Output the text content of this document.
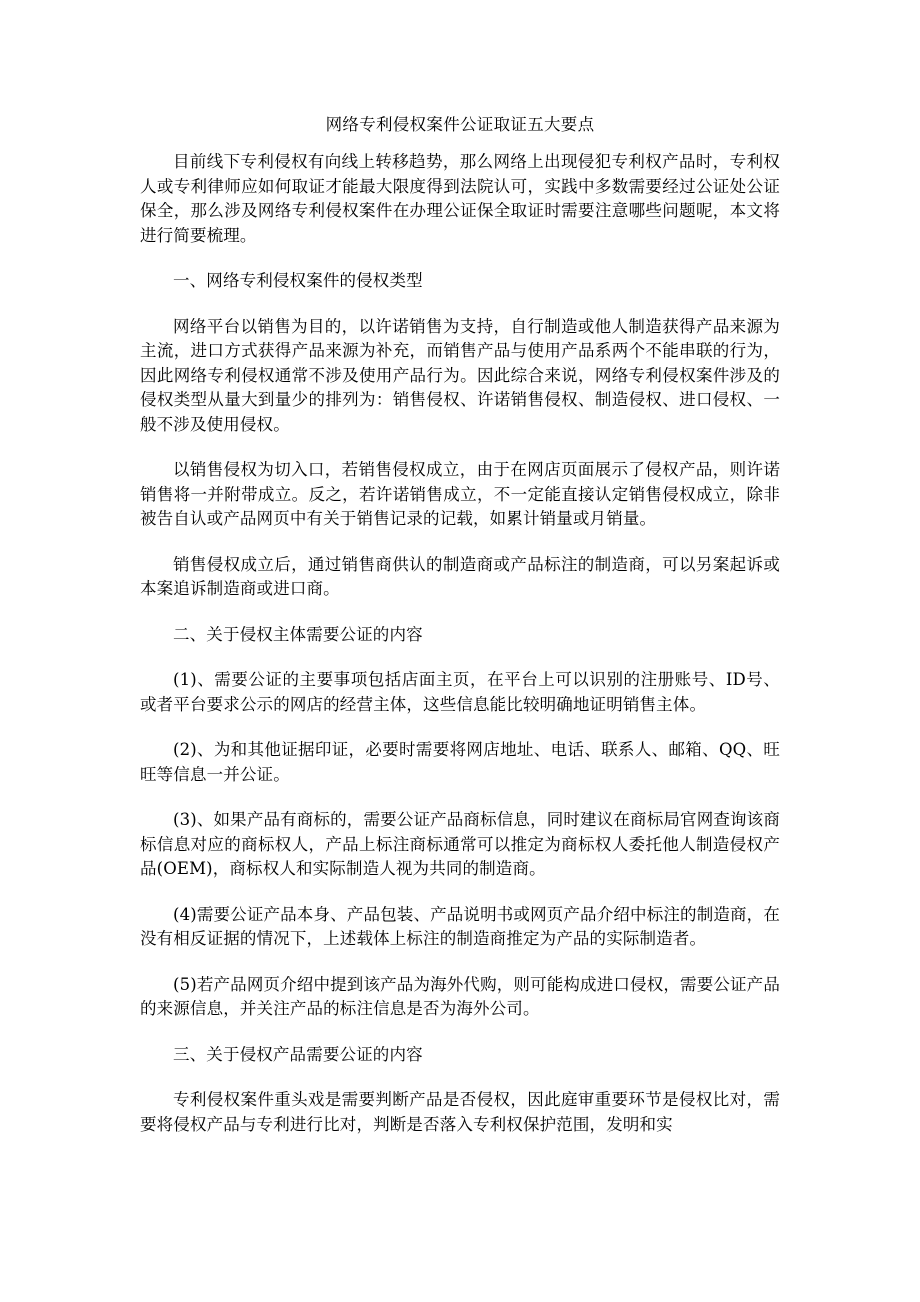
网络专利侵权案件公证取证五大要点

目前线下专利侵权有向线上转移趋势，那么网络上出现侵犯专利权产品时，专利权人或专利律师应如何取证才能最大限度得到法院认可，实践中多数需要经过公证处公证保全，那么涉及网络专利侵权案件在办理公证保全取证时需要注意哪些问题呢，本文将进行简要梳理。

一、网络专利侵权案件的侵权类型

网络平台以销售为目的，以许诺销售为支持，自行制造或他人制造获得产品来源为主流，进口方式获得产品来源为补充，而销售产品与使用产品系两个不能串联的行为，因此网络专利侵权通常不涉及使用产品行为。因此综合来说，网络专利侵权案件涉及的侵权类型从量大到量少的排列为：销售侵权、许诺销售侵权、制造侵权、进口侵权、一般不涉及使用侵权。

以销售侵权为切入口，若销售侵权成立，由于在网店页面展示了侵权产品，则许诺销售将一并附带成立。反之，若许诺销售成立，不一定能直接认定销售侵权成立，除非被告自认或产品网页中有关于销售记录的记载，如累计销量或月销量。

销售侵权成立后，通过销售商供认的制造商或产品标注的制造商，可以另案起诉或本案追诉制造商或进口商。

二、关于侵权主体需要公证的内容

(1)、需要公证的主要事项包括店面主页，在平台上可以识别的注册账号、ID号、或者平台要求公示的网店的经营主体，这些信息能比较明确地证明销售主体。

(2)、为和其他证据印证，必要时需要将网店地址、电话、联系人、邮箱、QQ、旺旺等信息一并公证。

(3)、如果产品有商标的，需要公证产品商标信息，同时建议在商标局官网查询该商标信息对应的商标权人，产品上标注商标通常可以推定为商标权人委托他人制造侵权产品(OEM)，商标权人和实际制造人视为共同的制造商。

(4)需要公证产品本身、产品包装、产品说明书或网页产品介绍中标注的制造商，在没有相反证据的情况下，上述载体上标注的制造商推定为产品的实际制造者。

(5)若产品网页介绍中提到该产品为海外代购，则可能构成进口侵权，需要公证产品的来源信息，并关注产品的标注信息是否为海外公司。

三、关于侵权产品需要公证的内容

专利侵权案件重头戏是需要判断产品是否侵权，因此庭审重要环节是侵权比对，需要将侵权产品与专利进行比对，判断是否落入专利权保护范围，发明和实
